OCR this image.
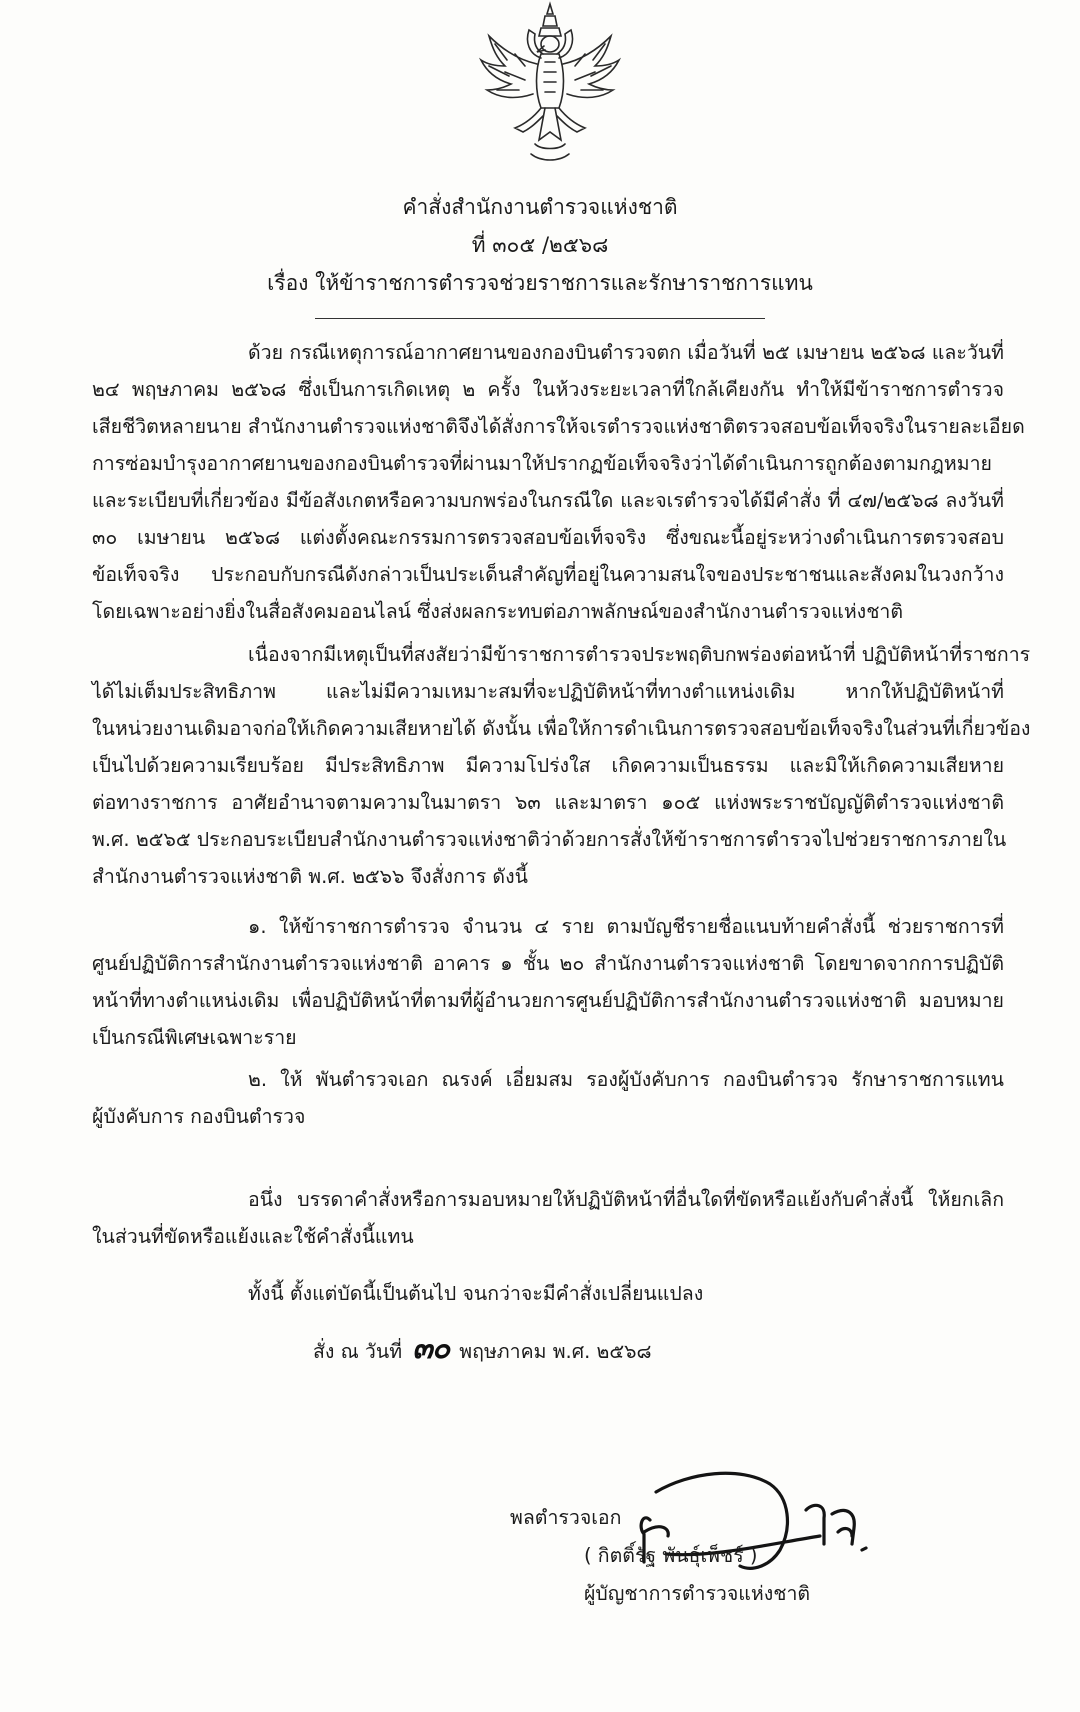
คำสั่งสำนักงานตำรวจแห่งชาติ
ที่ ๓๐๕ /๒๕๖๘
เรื่อง ให้ข้าราชการตำรวจช่วยราชการและรักษาราชการแทน
ด้วย กรณีเหตุการณ์อากาศยานของกองบินตำรวจตก เมื่อวันที่ ๒๕ เมษายน ๒๕๖๘ และวันที่
๒๔ พฤษภาคม ๒๕๖๘ ซึ่งเป็นการเกิดเหตุ ๒ ครั้ง ในห้วงระยะเวลาที่ใกล้เคียงกัน ทำให้มีข้าราชการตำรวจ
เสียชีวิตหลายนาย สำนักงานตำรวจแห่งชาติจึงได้สั่งการให้จเรตำรวจแห่งชาติตรวจสอบข้อเท็จจริงในรายละเอียด
การซ่อมบำรุงอากาศยานของกองบินตำรวจที่ผ่านมาให้ปรากฏข้อเท็จจริงว่าได้ดำเนินการถูกต้องตามกฎหมาย
และระเบียบที่เกี่ยวข้อง มีข้อสังเกตหรือความบกพร่องในกรณีใด และจเรตำรวจได้มีคำสั่ง ที่ ๔๗/๒๕๖๘ ลงวันที่
๓๐ เมษายน ๒๕๖๘ แต่งตั้งคณะกรรมการตรวจสอบข้อเท็จจริง ซึ่งขณะนี้อยู่ระหว่างดำเนินการตรวจสอบ
ข้อเท็จจริง ประกอบกับกรณีดังกล่าวเป็นประเด็นสำคัญที่อยู่ในความสนใจของประชาชนและสังคมในวงกว้าง
โดยเฉพาะอย่างยิ่งในสื่อสังคมออนไลน์ ซึ่งส่งผลกระทบต่อภาพลักษณ์ของสำนักงานตำรวจแห่งชาติ
เนื่องจากมีเหตุเป็นที่สงสัยว่ามีข้าราชการตำรวจประพฤติบกพร่องต่อหน้าที่ ปฏิบัติหน้าที่ราชการ
ได้ไม่เต็มประสิทธิภาพ และไม่มีความเหมาะสมที่จะปฏิบัติหน้าที่ทางตำแหน่งเดิม หากให้ปฏิบัติหน้าที่
ในหน่วยงานเดิมอาจก่อให้เกิดความเสียหายได้ ดังนั้น เพื่อให้การดำเนินการตรวจสอบข้อเท็จจริงในส่วนที่เกี่ยวข้อง
เป็นไปด้วยความเรียบร้อย มีประสิทธิภาพ มีความโปร่งใส เกิดความเป็นธรรม และมิให้เกิดความเสียหาย
ต่อทางราชการ อาศัยอำนาจตามความในมาตรา ๖๓ และมาตรา ๑๐๕ แห่งพระราชบัญญัติตำรวจแห่งชาติ
พ.ศ. ๒๕๖๕ ประกอบระเบียบสำนักงานตำรวจแห่งชาติว่าด้วยการสั่งให้ข้าราชการตำรวจไปช่วยราชการภายใน
สำนักงานตำรวจแห่งชาติ พ.ศ. ๒๕๖๖ จึงสั่งการ ดังนี้
๑. ให้ข้าราชการตำรวจ จำนวน ๔ ราย ตามบัญชีรายชื่อแนบท้ายคำสั่งนี้ ช่วยราชการที่
ศูนย์ปฏิบัติการสำนักงานตำรวจแห่งชาติ อาคาร ๑ ชั้น ๒๐ สำนักงานตำรวจแห่งชาติ โดยขาดจากการปฏิบัติ
หน้าที่ทางตำแหน่งเดิม เพื่อปฏิบัติหน้าที่ตามที่ผู้อำนวยการศูนย์ปฏิบัติการสำนักงานตำรวจแห่งชาติ มอบหมาย
เป็นกรณีพิเศษเฉพาะราย
๒. ให้ พันตำรวจเอก ณรงค์ เอี่ยมสม รองผู้บังคับการ กองบินตำรวจ รักษาราชการแทน
ผู้บังคับการ กองบินตำรวจ
อนึ่ง บรรดาคำสั่งหรือการมอบหมายให้ปฏิบัติหน้าที่อื่นใดที่ขัดหรือแย้งกับคำสั่งนี้ ให้ยกเลิก
ในส่วนที่ขัดหรือแย้งและใช้คำสั่งนี้แทน
ทั้งนี้ ตั้งแต่บัดนี้เป็นต้นไป จนกว่าจะมีคำสั่งเปลี่ยนแปลง
สั่ง ณ วันที่ ๓๐ พฤษภาคม พ.ศ. ๒๕๖๘
พลตำรวจเอก
( กิตติ์รัฐ พันธุ์เพ็ชร์ )
ผู้บัญชาการตำรวจแห่งชาติ
